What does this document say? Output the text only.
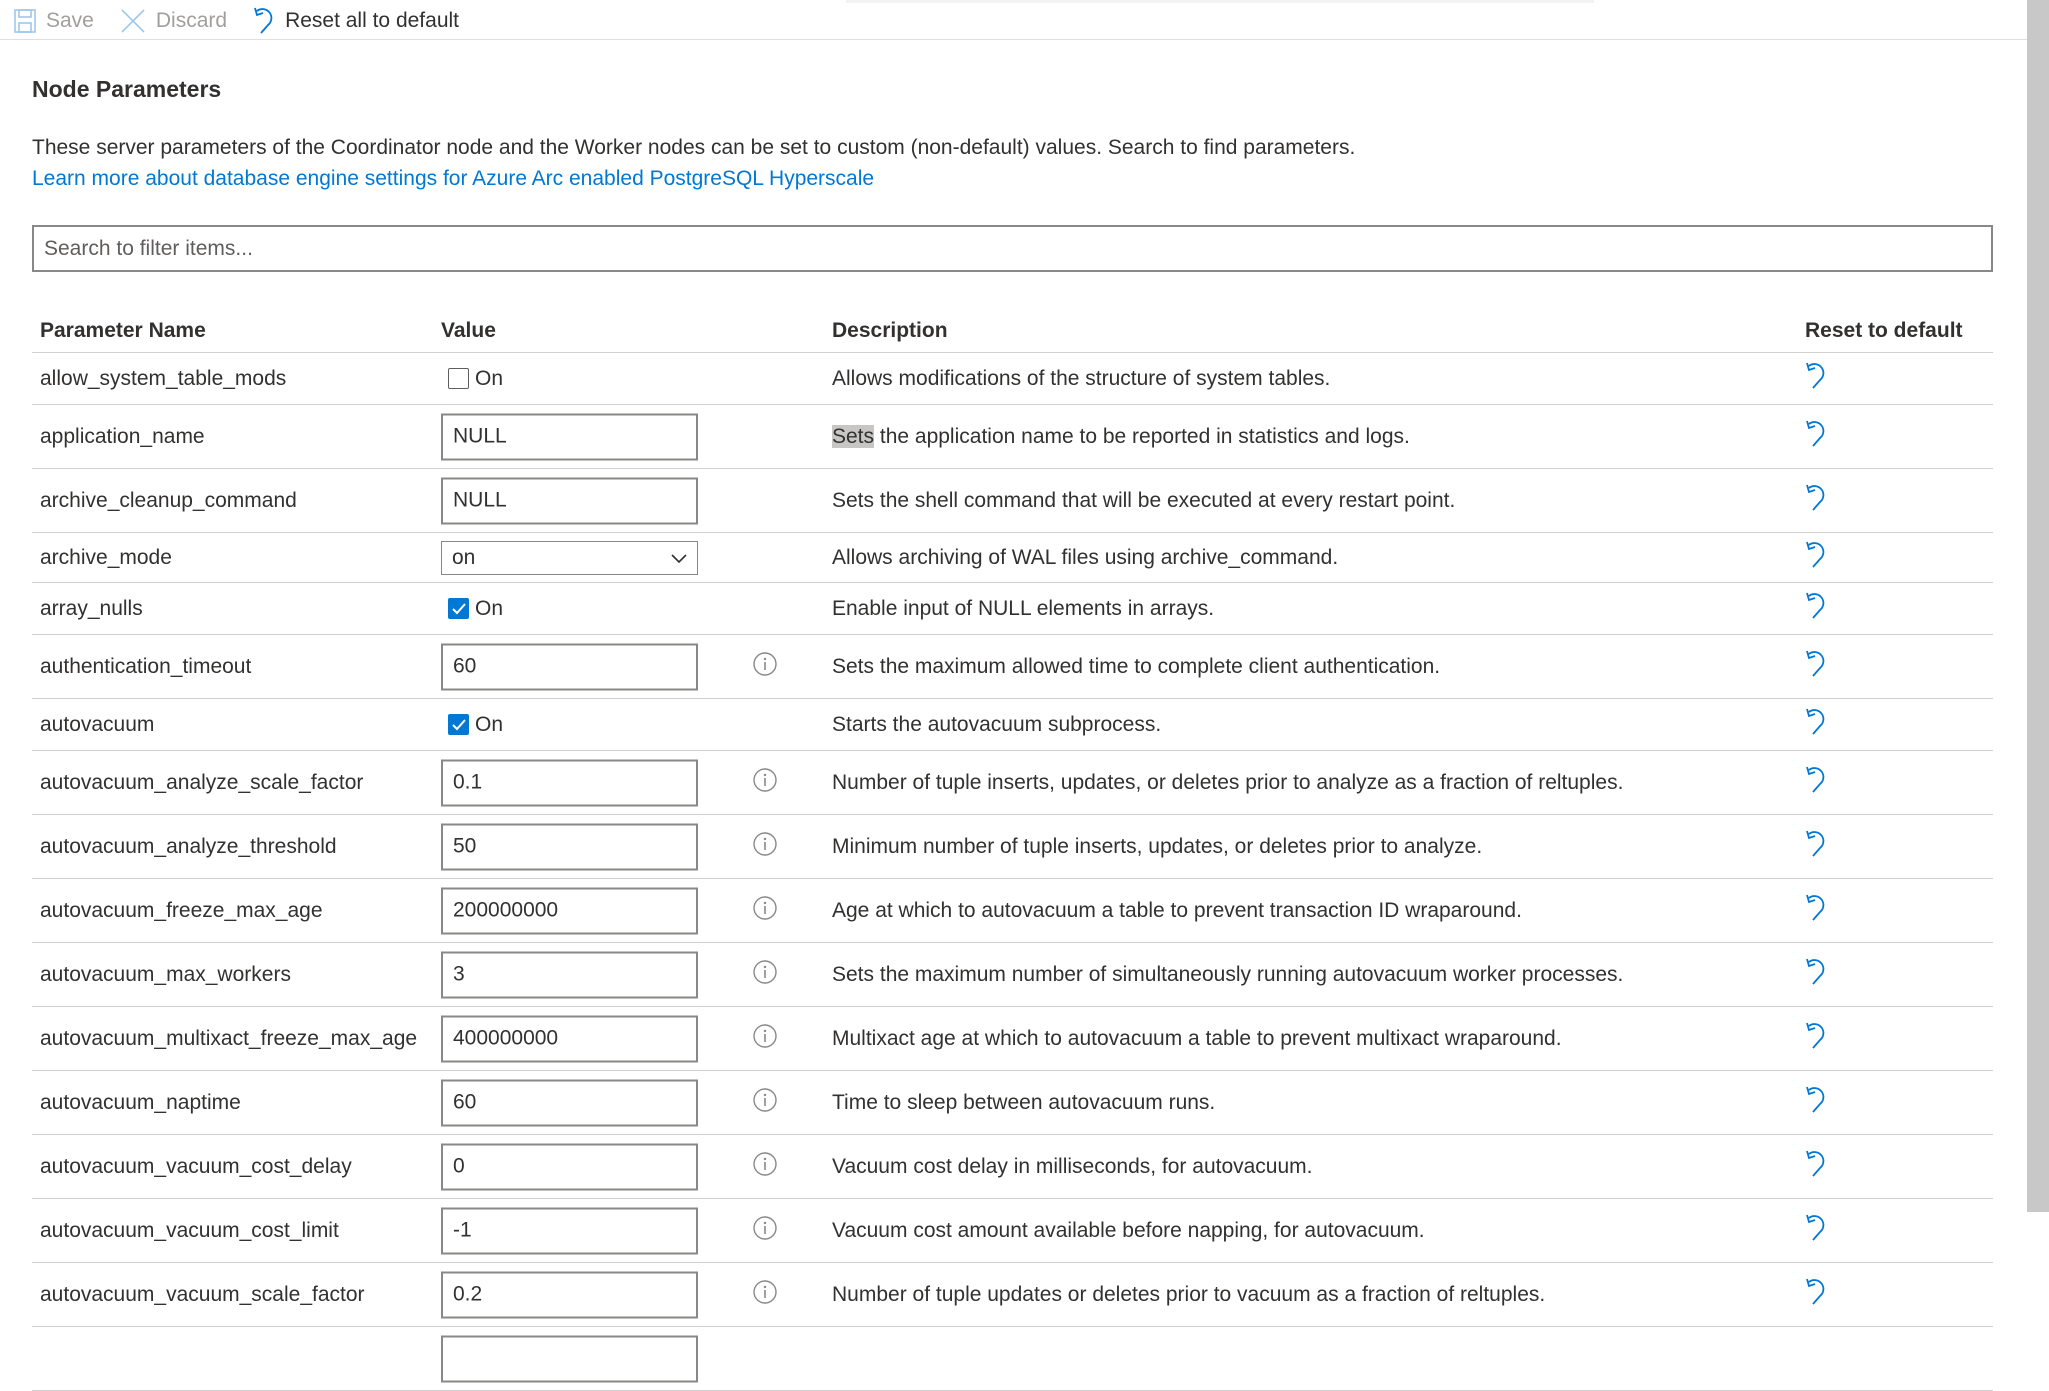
Save	Discard	Reset all to default
Node Parameters
These server parameters of the Coordinator node and the Worker nodes can be set to custom (non-default) values. Search to find parameters.
Learn more about database engine settings for Azure Arc enabled PostgreSQL Hyperscale
Search to filter items...
Parameter Name	Value	Description	Reset to default
allow_system_table_mods	On	Allows modifications of the structure of system tables.
application_name	NULL	Sets the application name to be reported in statistics and logs.
archive_cleanup_command	NULL	Sets the shell command that will be executed at every restart point.
archive_mode	on	Allows archiving of WAL files using archive_command.
array_nulls	On	Enable input of NULL elements in arrays.
authentication_timeout	60	Sets the maximum allowed time to complete client authentication.
autovacuum	On	Starts the autovacuum subprocess.
autovacuum_analyze_scale_factor	0.1	Number of tuple inserts, updates, or deletes prior to analyze as a fraction of reltuples.
autovacuum_analyze_threshold	50	Minimum number of tuple inserts, updates, or deletes prior to analyze.
autovacuum_freeze_max_age	200000000	Age at which to autovacuum a table to prevent transaction ID wraparound.
autovacuum_max_workers	3	Sets the maximum number of simultaneously running autovacuum worker processes.
autovacuum_multixact_freeze_max_age 400000000	Multixact age at which to autovacuum a table to prevent multixact wraparound.
autovacuum_naptime	60	Time to sleep between autovacuum runs.
autovacuum_vacuum_cost_delay	0	Vacuum cost delay in milliseconds, for autovacuum.
autovacuum_vacuum_cost_limit	-1	Vacuum cost amount available before napping, for autovacuum.
autovacuum_vacuum_scale_factor	0.2	Number of tuple updates or deletes prior to vacuum as a fraction of reltuples.
